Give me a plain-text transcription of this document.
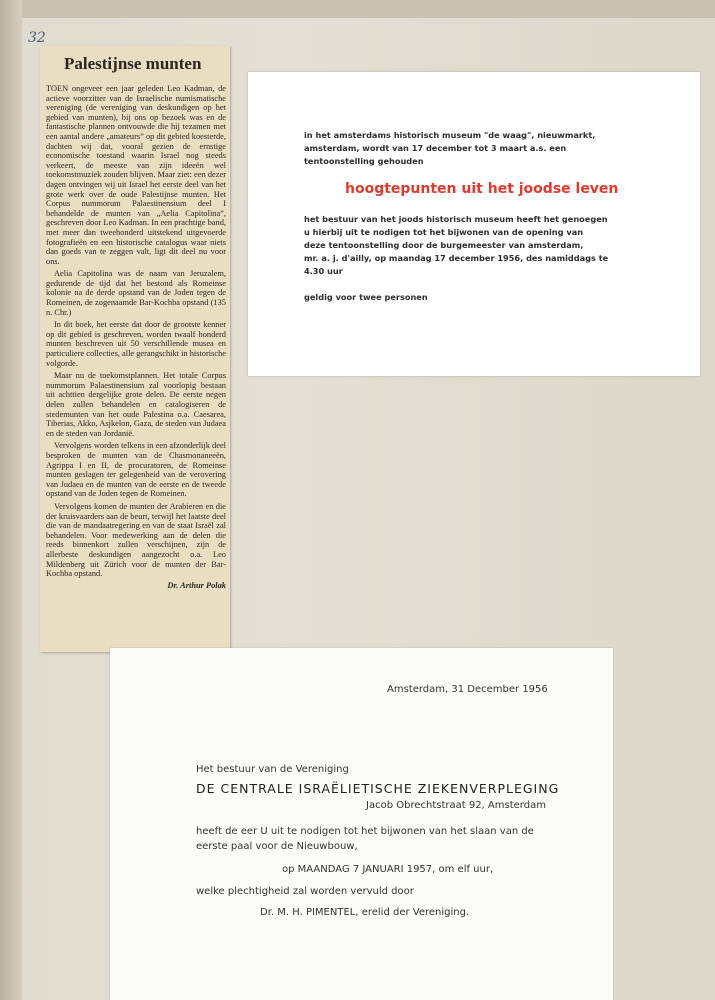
32
Palestijnse munten

TOEN ongeveer een jaar geleden Leo Kadman, de actieve voorzitter van de Israelische numismatische vereniging (de vereniging van deskundigen op het gebied van munten), bij ons op bezoek was en de fantastische plannen ontvouwde die hij tezamen met een aantal andere „amateurs” op dit gebied koesterde, dachten wij dat, vooral gezien de ernstige economische toestand waarin Israel nog steeds verkeert, de meeste van zijn ideeën wel toekomstmuziek zouden blijven. Maar ziet: een dezer dagen ontvingen wij uit Israel het eerste deel van het grote werk over de oude Palestijnse munten. Het Corpus nummorum Palaestinensium deel I behandelde de munten van „Aelia Capitolina”, geschreven door Leo Kadman. In een prachtige band, met meer dan tweehonderd uitstekend uitgevoerde fotografieën en een historische catalogus waar niets dan goeds van te zeggen valt, ligt dit deel nu voor ons.

Aelia Capitolina was de naam van Jeruzalem, gedurende de tijd dat het bestond als Romeinse kolonie na de derde opstand van de Joden tegen de Romeinen, de zogenaamde Bar-Kochba opstand (135 n. Chr.)

In dit boek, het eerste dat door de grootste kenner op dit gebied is geschreven, worden twaalf honderd munten beschreven uit 50 verschillende musea en particuliere collecties, alle gerangschikt in historische volgorde.

Maar nu de toekomstplannen. Het totale Corpus nummorum Palaestinensium zal voorlopig bestaan uit achttien dergelijke grote delen. De eerste negen delen zullen behandelen en catalogiseren de stedemunten van het oude Palestina o.a. Caesarea, Tiberias, Akko, Asjkelon, Gaza, de steden van Judaea en de steden van Jordanië.

Vervolgens worden telkens in een afzonderlijk deel besproken de munten van de Chasmonaneeën, Agrippa I en II, de procuratoren, de Romeinse munten geslagen ter gelegenheid van de verovering van Judaea en de munten van de eerste en de tweede opstand van de Joden tegen de Romeinen.

Vervolgens komen de munten der Arabieren en die der kruisvaarders aan de beurt, terwijl het laatste deel die van de mandaatregering en van de staat Israël zal behandelen. Voor medewerking aan de delen die reeds binnenkort zullen verschijnen, zijn de allerbeste deskundigen aangezocht o.a. Leo Mildenberg uit Zürich voor de munten der Bar-Kochba opstand.

Dr. Arthur Polak
in het amsterdams historisch museum "de waag", nieuwmarkt,
amsterdam, wordt van 17 december tot 3 maart a.s. een
tentoonstelling gehouden
hoogtepunten uit het joodse leven
het bestuur van het joods historisch museum heeft het genoegen
u hierbij uit te nodigen tot het bijwonen van de opening van
deze tentoonstelling door de burgemeester van amsterdam,
mr. a. j. d'ailly, op maandag 17 december 1956, des namiddags te
4.30 uur
geldig voor twee personen
Amsterdam, 31 December 1956
Het bestuur van de Vereniging
DE CENTRALE ISRAËLIETISCHE ZIEKENVERPLEGING
Jacob Obrechtstraat 92, Amsterdam
heeft de eer U uit te nodigen tot het bijwonen van het slaan van de
eerste paal voor de Nieuwbouw,
op MAANDAG 7 JANUARI 1957, om elf uur,
welke plechtigheid zal worden vervuld door
Dr. M. H. PIMENTEL, erelid der Vereniging.
